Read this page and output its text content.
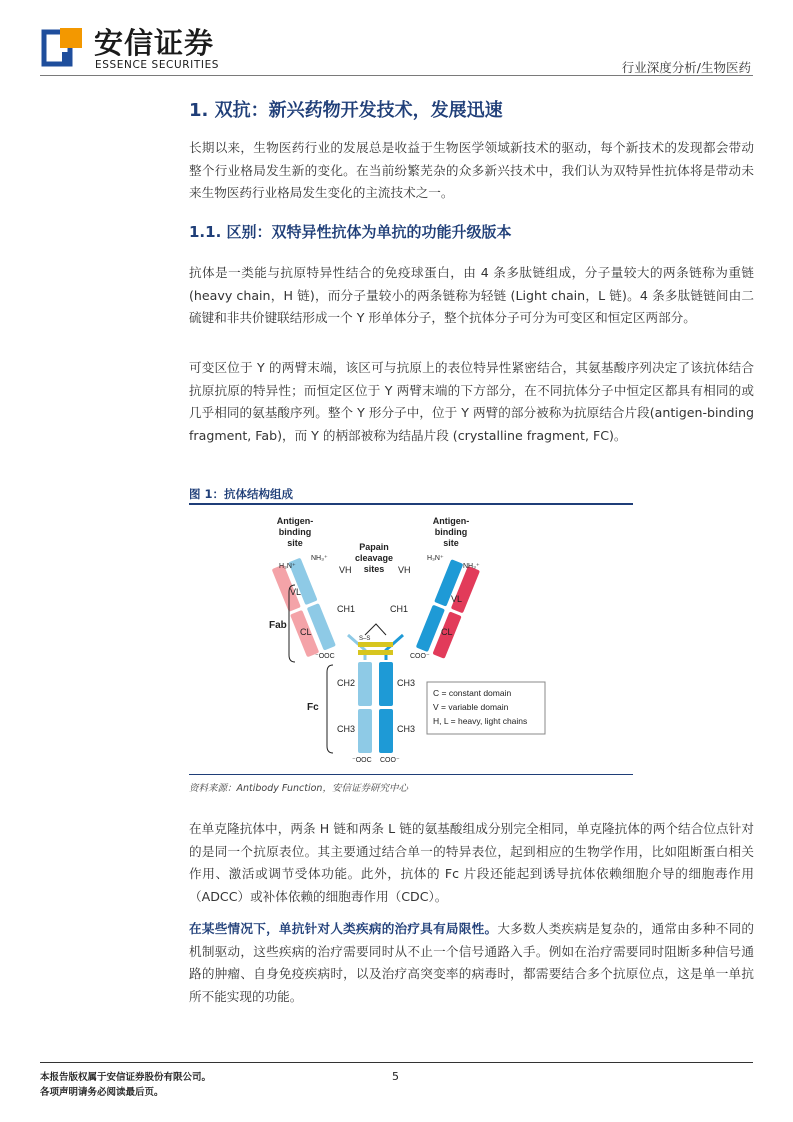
安信证券
ESSENCE SECURITIES	行业深度分析/生物医药
1. 双抗：新兴药物开发技术，发展迅速
长期以来，生物医药行业的发展总是收益于生物医学领域新技术的驱动，每个新技术的发现都会带动整个行业格局发生新的变化。在当前纷繁芜杂的众多新兴技术中，我们认为双特异性抗体将是带动未来生物医药行业格局发生变化的主流技术之一。
1.1. 区别：双特异性抗体为单抗的功能升级版本
抗体是一类能与抗原特异性结合的免疫球蛋白，由 4 条多肽链组成，分子量较大的两条链称为重链 (heavy chain，H 链)，而分子量较小的两条链称为轻链 (Light chain，L 链)。4 条多肽链链间由二硫键和非共价键联结形成一个 Y 形单体分子，整个抗体分子可分为可变区和恒定区两部分。
可变区位于 Y 的两臂末端，该区可与抗原上的表位特异性紧密结合，其氨基酸序列决定了该抗体结合抗原抗原的特异性；而恒定区位于 Y 两臂末端的下方部分，在不同抗体分子中恒定区都具有相同的或几乎相同的氨基酸序列。整个 Y 形分子中，位于 Y 两臂的部分被称为抗原结合片段(antigen-binding fragment, Fab)，而 Y 的柄部被称为结晶片段 (crystalline fragment, FC)。
图 1：抗体结构组成
Antigen-
binding
site
Antigen-
binding
site
Papain
cleavage
sites
VL
CL
VH
CH1
VH
CH1
VL
CL
CH2
CH3
CH3
CH3
H₃N⁺
NH₃⁺	H₃N⁺
NH₃⁺
⁻OOC	COO⁻
⁻OOC COO⁻
S–S
Fab
Fc
C = constant domain
V = variable domain
H, L = heavy, light chains
资料来源：Antibody Function，安信证券研究中心
在单克隆抗体中，两条 H 链和两条 L 链的氨基酸组成分别完全相同，单克隆抗体的两个结合位点针对的是同一个抗原表位。其主要通过结合单一的特异表位，起到相应的生物学作用，比如阻断蛋白相关作用、激活或调节受体功能。此外，抗体的 Fc 片段还能起到诱导抗体依赖细胞介导的细胞毒作用（ADCC）或补体依赖的细胞毒作用（CDC）。
在某些情况下，单抗针对人类疾病的治疗具有局限性。大多数人类疾病是复杂的，通常由多种不同的机制驱动，这些疾病的治疗需要同时从不止一个信号通路入手。例如在治疗需要同时阻断多种信号通路的肿瘤、自身免疫疾病时，以及治疗高突变率的病毒时，都需要结合多个抗原位点，这是单一单抗所不能实现的功能。
本报告版权属于安信证券股份有限公司。
各项声明请务必阅读最后页。
5
